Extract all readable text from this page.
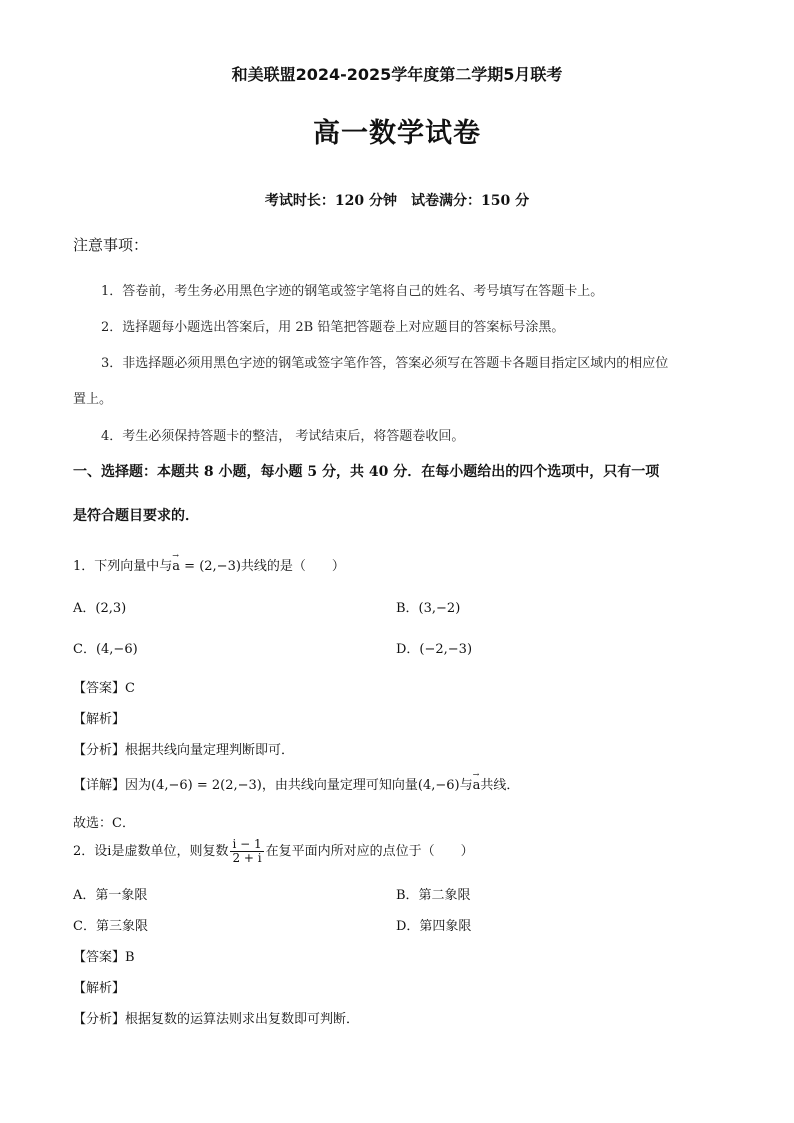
和美联盟2024-2025学年度第二学期5月联考
高一数学试卷
考试时长：120 分钟 试卷满分：150 分
注意事项：
1．答卷前，考生务必用黑色字迹的钢笔或签字笔将自己的姓名、考号填写在答题卡上。
2．选择题每小题选出答案后，用 2B 铅笔把答题卷上对应题目的答案标号涂黑。
3．非选择题必须用黑色字迹的钢笔或签字笔作答，答案必须写在答题卡各题目指定区域内的相应位
置上。
4．考生必须保持答题卡的整洁， 考试结束后，将答题卷收回。
一、选择题：本题共 8 小题，每小题 5 分，共 40 分．在每小题给出的四个选项中，只有一项
是符合题目要求的．
1．下列向量中与→ a = (2,−3)共线的是（　　）
A．(2,3)	B．(3,−2)
C．(4,−6)	D．(−2,−3)
【答案】C
【解析】
【分析】根据共线向量定理判断即可．
【详解】因为(4,−6) = 2(2,−3)，由共线向量定理可知向量(4,−6)与→ a共线．
故选：C．
2．设i是虚数单位，则复数 $\frac{i - 1}{2 + i}$ 在复平面内所对应的点位于（　　）
A．第一象限	B．第二象限
C．第三象限	D．第四象限
【答案】B
【解析】
【分析】根据复数的运算法则求出复数即可判断．
